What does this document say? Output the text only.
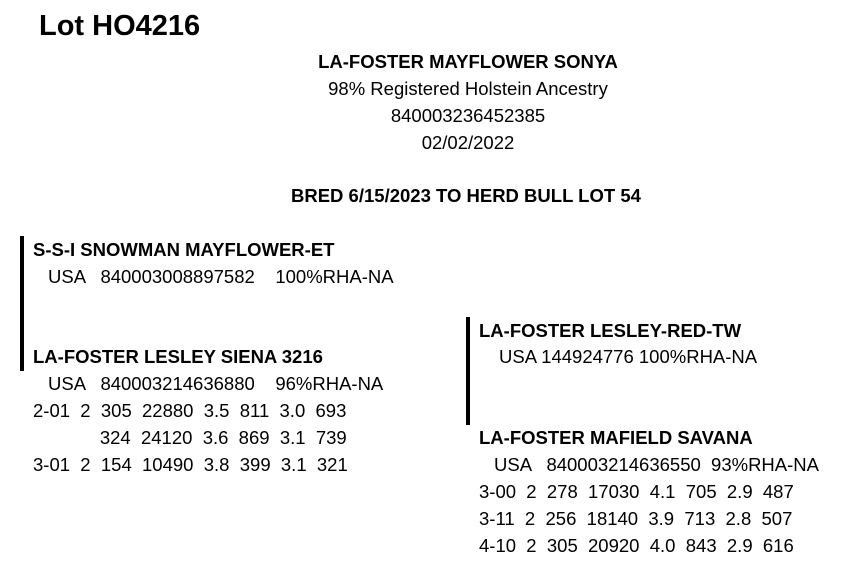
Lot HO4216
LA-FOSTER MAYFLOWER SONYA
98% Registered Holstein Ancestry
840003236452385
02/02/2022
BRED 6/15/2023 TO HERD BULL LOT 54
S-S-I SNOWMAN MAYFLOWER-ET
USA   840003008897582    100%RHA-NA
LA-FOSTER LESLEY SIENA 3216
USA   840003214636880    96%RHA-NA
2-01  2  305  22880  3.5  811  3.0  693
324  24120  3.6  869  3.1  739
3-01  2  154  10490  3.8  399  3.1  321
LA-FOSTER LESLEY-RED-TW
USA 144924776 100%RHA-NA
LA-FOSTER MAFIELD SAVANA
USA   840003214636550  93%RHA-NA
3-00  2  278  17030  4.1  705  2.9  487
3-11  2  256  18140  3.9  713  2.8  507
4-10  2  305  20920  4.0  843  2.9  616
